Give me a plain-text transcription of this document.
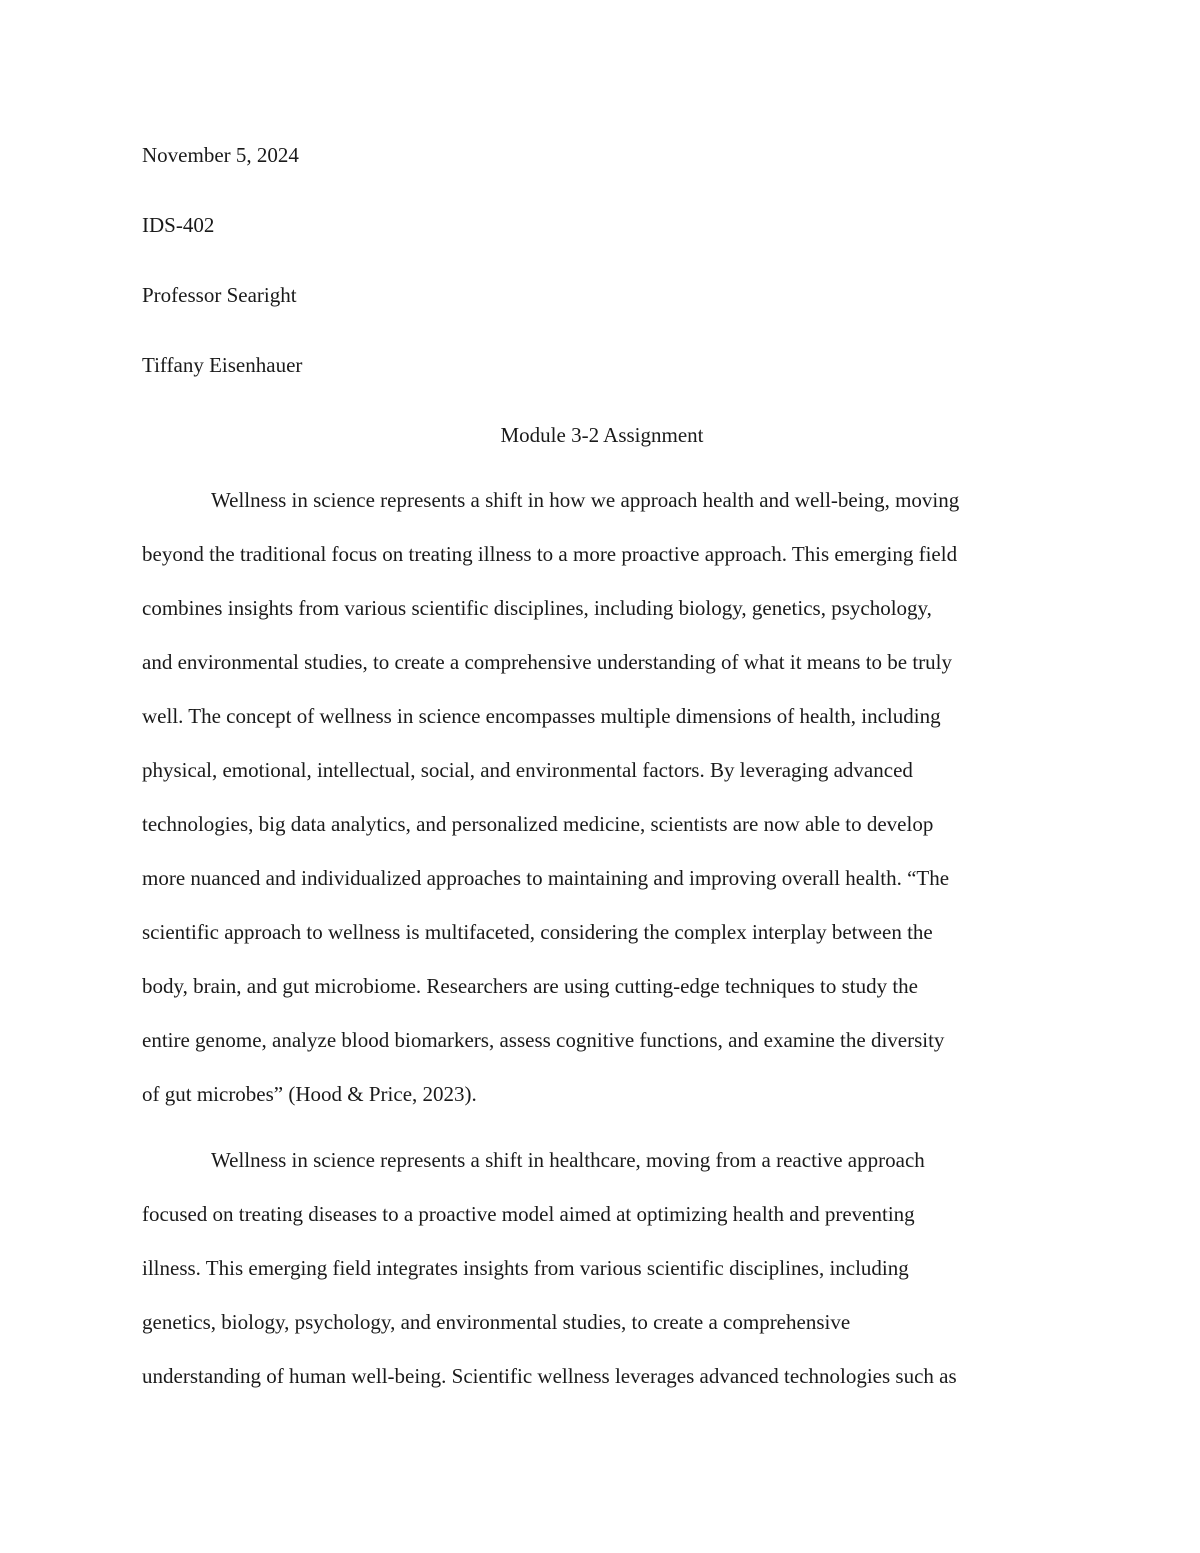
November 5, 2024

IDS-402

Professor Searight

Tiffany Eisenhauer

Module 3-2 Assignment

Wellness in science represents a shift in how we approach health and well-being, moving

beyond the traditional focus on treating illness to a more proactive approach. This emerging field

combines insights from various scientific disciplines, including biology, genetics, psychology,

and environmental studies, to create a comprehensive understanding of what it means to be truly

well. The concept of wellness in science encompasses multiple dimensions of health, including

physical, emotional, intellectual, social, and environmental factors. By leveraging advanced

technologies, big data analytics, and personalized medicine, scientists are now able to develop

more nuanced and individualized approaches to maintaining and improving overall health. “The

scientific approach to wellness is multifaceted, considering the complex interplay between the

body, brain, and gut microbiome. Researchers are using cutting-edge techniques to study the

entire genome, analyze blood biomarkers, assess cognitive functions, and examine the diversity

of gut microbes” (Hood & Price, 2023).

Wellness in science represents a shift in healthcare, moving from a reactive approach

focused on treating diseases to a proactive model aimed at optimizing health and preventing

illness. This emerging field integrates insights from various scientific disciplines, including

genetics, biology, psychology, and environmental studies, to create a comprehensive

understanding of human well-being. Scientific wellness leverages advanced technologies such as
